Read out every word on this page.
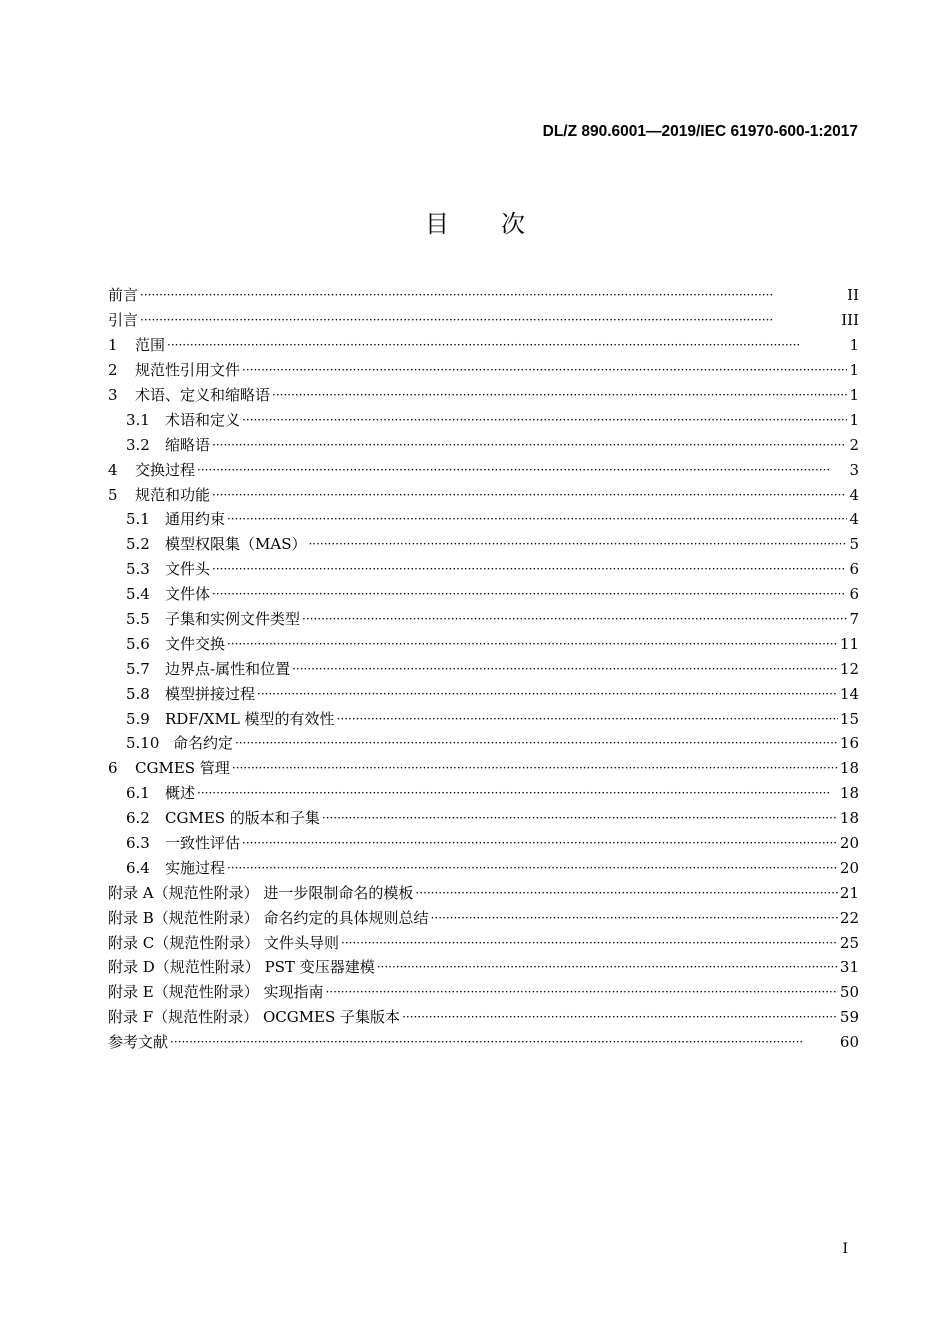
DL/Z 890.6001—2019/IEC 61970-600-1:2017
目次
前言 ·····	II
引言 ·····	III
1	范围 ·····	1
2	规范性引用文件 ·····	1
3	术语、定义和缩略语 ·····	1
3.1	术语和定义 ·····	1
3.2	缩略语 ·····	2
4	交换过程 ·····	3
5	规范和功能 ·····	4
5.1	通用约束 ·····	4
5.2	模型权限集（MAS） ·····	5
5.3	文件头 ·····	6
5.4	文件体 ·····	6
5.5	子集和实例文件类型 ·····	7
5.6	文件交换 ·····	11
5.7	边界点-属性和位置 ·····	12
5.8	模型拼接过程 ·····	14
5.9	RDF/XML 模型的有效性 ·····	15
5.10 命名约定 ·····	16
6	CGMES 管理 ·····	18
6.1	概述 ·····	18
6.2	CGMES 的版本和子集 ·····	18
6.3	一致性评估 ·····	20
6.4	实施过程 ·····	20
附录 A（规范性附录） 进一步限制命名的模板 ·····	21
附录 B（规范性附录） 命名约定的具体规则总结 ·····	22
附录 C（规范性附录） 文件头导则 ·····	25
附录 D（规范性附录） PST 变压器建模 ·····	31
附录 E（规范性附录） 实现指南 ·····	50
附录 F（规范性附录） OCGMES 子集版本 ·····	59
参考文献 ·····	60
I
